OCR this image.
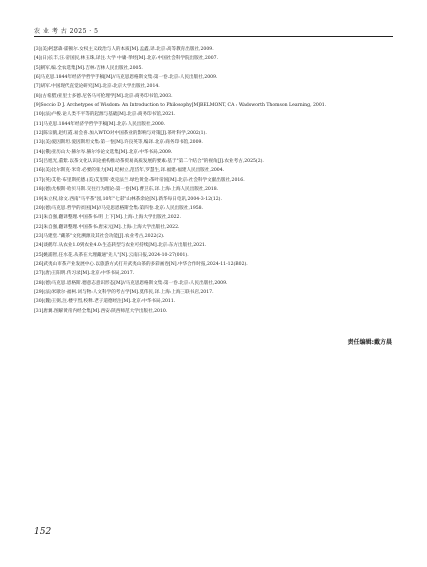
农 业 考 古 2025 · 5
[3](美)阿瑟森·霍顿尔.女权主义政治与人的本质[M].孟鑫,译.北京:高等教育出版社,2009.
[4](日)长丰,汪.帝国民,林玉珠,译注.大学 中庸·孝经[M].北京:中国社会科学院出版社,2007.
[5]朝军,编.全农选集[M].吉林:吉林人民出版社,2005.
[6]马克思.1844年经济学哲学手稿[M]//马克思恩格斯文集:第一卷.北京:人民出版社,2009.
[7]胡军.中国现代直觉论研究[M].北京:北京大学出版社,2014.
[8](古希腊)亚里士多德.尼各马可伦理学[M].北京:商务印书馆,2003.
[9]Soccio D J. Archetypes of Wisdom: An Introduction to Philosophy[M]BELMONT, CA : Wadsworth Thomson Learning, 2001.
[10](法)卢梭.论人类不平等的起源与基础[M].北京:商务印书馆,2021.
[11]马克思.1844年经济学哲学手稿[M].北京:人民出版社,2000.
[12]陈宗鹤,赵红霞.易会喜.加入WTO对中国茶业的影响与对策[J].茶叶科学,2002(1).
[13](美)爱因斯坦.爱因斯坦文集:第一卷[M].许良英等,编译.北京:商务印书馆,2009.
[14](俄)亚历山大·赫尔岑.赫尔岑论文选集[M].北京:中华书局,2009.
[15]吕旭光,董紫.以茶文化认识论重构推动茶贸易高质发展的要素:基于"第二个结合"的视角[J].农业考古,2025(2).
[16](美)比尔斯克·米奇.必要的张力[M].纪树立,范岱年,罗慧生,译.福建:福建人民出版社,2004.
[17](英)艾伦·布里斯托德.(美)艾里斯·麦克法兰.绿色黄金:茶叶帝国[M].北京:社会科学文献出版社,2016.
[18](德)尤根斯·哈贝马斯.交往行为理论:第一卷[M].曹卫东,译.上海:上海人民出版社,2018.
[19]朱立权,徐文.西南"马平茶"园,10年"七彩"山林茶余论[N].新华每日电讯,2004-3-12(12).
[20](德)马克思.哲学的贫困[M]//马克思恩格斯全集:第四卷.北京:人民出版社,1958.
[21]朱自强,翻译整理.中国茶书:明 上下[M].上海:上海大学出版社,2022.
[22]朱自强,翻译整理.中国茶书:唐宋元[M].上海:上海大学出版社,2022.
[23]马建堂."藏茶"文化溯源及其社会功能[J].农业考古,2022(2).
[24]谈鹤年.从农业1.0到农业4.0:生态转型与农业可持续[M].北京:东方出版社,2021.
[25]姚浦智,任水花.从茶在大理藏通"先人"[N].云南日报,2024-10-27(001).
[26]武夷山市茶产业发展中心.以旅游方式打开武夷山茶的多彩画卷[N].中华合作时报,2024-11-12(B02).
[27](唐)王阳明.传习录[M].北京:中华书局,2017.
[28](德)马克思.恩格斯.德意志意识形态[M]//马克思恩格斯文集:第一卷.北京:人民出版社,2009.
[29](法)米歇尔·福柯.词与物:人文科学的考古学[M].莫伟民,译.上海:上海三联书店,2017.
[30](魏)王弼,注.楼宇烈,校释.老子道德经注[M].北京:中华书局,2011.
[31]唐翼.图解黄帝内经全集[M].西安:陕西师范大学出版社,2010.
责任编辑:戴方晨
152
